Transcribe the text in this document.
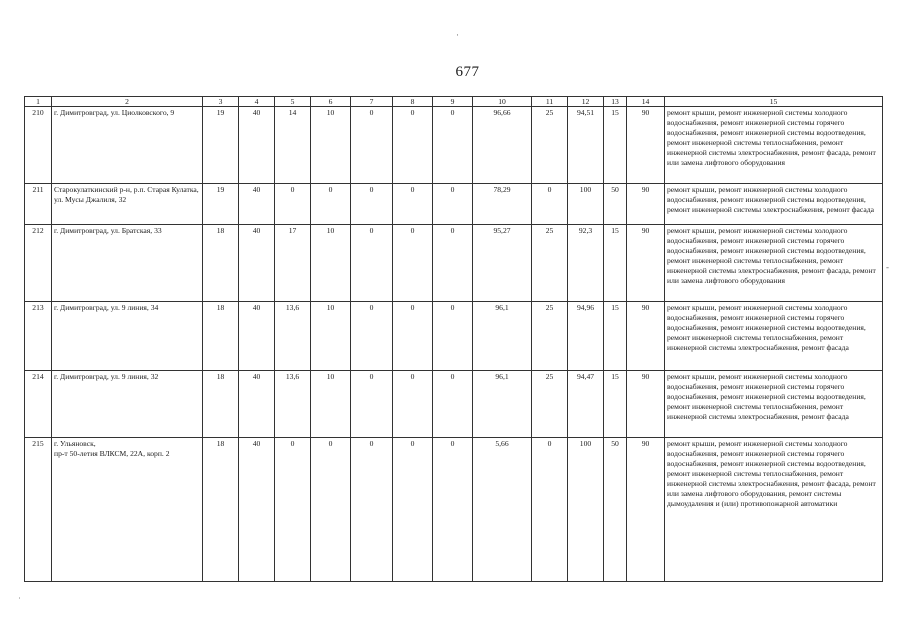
677
1	2	3	4	5	6	7	8	9	10	11	12	13	14	15
210	г. Димитровград, ул. Циолковского, 9	19	40	14	10	0	0	0	96,66	25	94,51	15	90	ремонт крыши, ремонт инженерной системы холодного водоснабжения, ремонт инженерной системы горячего водоснабжения, ремонт инженерной системы водоотведения, ремонт инженерной системы теплоснабжения, ремонт инженерной системы электроснабжения, ремонт фасада, ремонт или замена лифтового оборудования
211	Старокулаткинский р-н, р.п. Старая Кулатка, ул. Мусы Джалиля, 32	19	40	0	0	0	0	0	78,29	0	100	50	90	ремонт крыши, ремонт инженерной системы холодного водоснабжения, ремонт инженерной системы водоотведения, ремонт инженерной системы электроснабжения, ремонт фасада
212	г. Димитровград, ул. Братская, 33	18	40	17	10	0	0	0	95,27	25	92,3	15	90	ремонт крыши, ремонт инженерной системы холодного водоснабжения, ремонт инженерной системы горячего водоснабжения, ремонт инженерной системы водоотведения, ремонт инженерной системы теплоснабжения, ремонт инженерной системы электроснабжения, ремонт фасада, ремонт или замена лифтового оборудования
213	г. Димитровград, ул. 9 линия, 34	18	40	13,6	10	0	0	0	96,1	25	94,96	15	90	ремонт крыши, ремонт инженерной системы холодного водоснабжения, ремонт инженерной системы горячего водоснабжения, ремонт инженерной системы водоотведения, ремонт инженерной системы теплоснабжения, ремонт инженерной системы электроснабжения, ремонт фасада
214	г. Димитровград, ул. 9 линия, 32	18	40	13,6	10	0	0	0	96,1	25	94,47	15	90	ремонт крыши, ремонт инженерной системы холодного водоснабжения, ремонт инженерной системы горячего водоснабжения, ремонт инженерной системы водоотведения, ремонт инженерной системы теплоснабжения, ремонт инженерной системы электроснабжения, ремонт фасада
215	г. Ульяновск,
пр-т 50-летия ВЛКСМ, 22А, корп. 2	18	40	0	0	0	0	0	5,66	0	100	50	90	ремонт крыши, ремонт инженерной системы холодного водоснабжения, ремонт инженерной системы горячего водоснабжения, ремонт инженерной системы водоотведения, ремонт инженерной системы теплоснабжения, ремонт инженерной системы электроснабжения, ремонт фасада, ремонт или замена лифтового оборудования, ремонт системы дымоудаления и (или) противопожарной автоматики
·
˙
-
